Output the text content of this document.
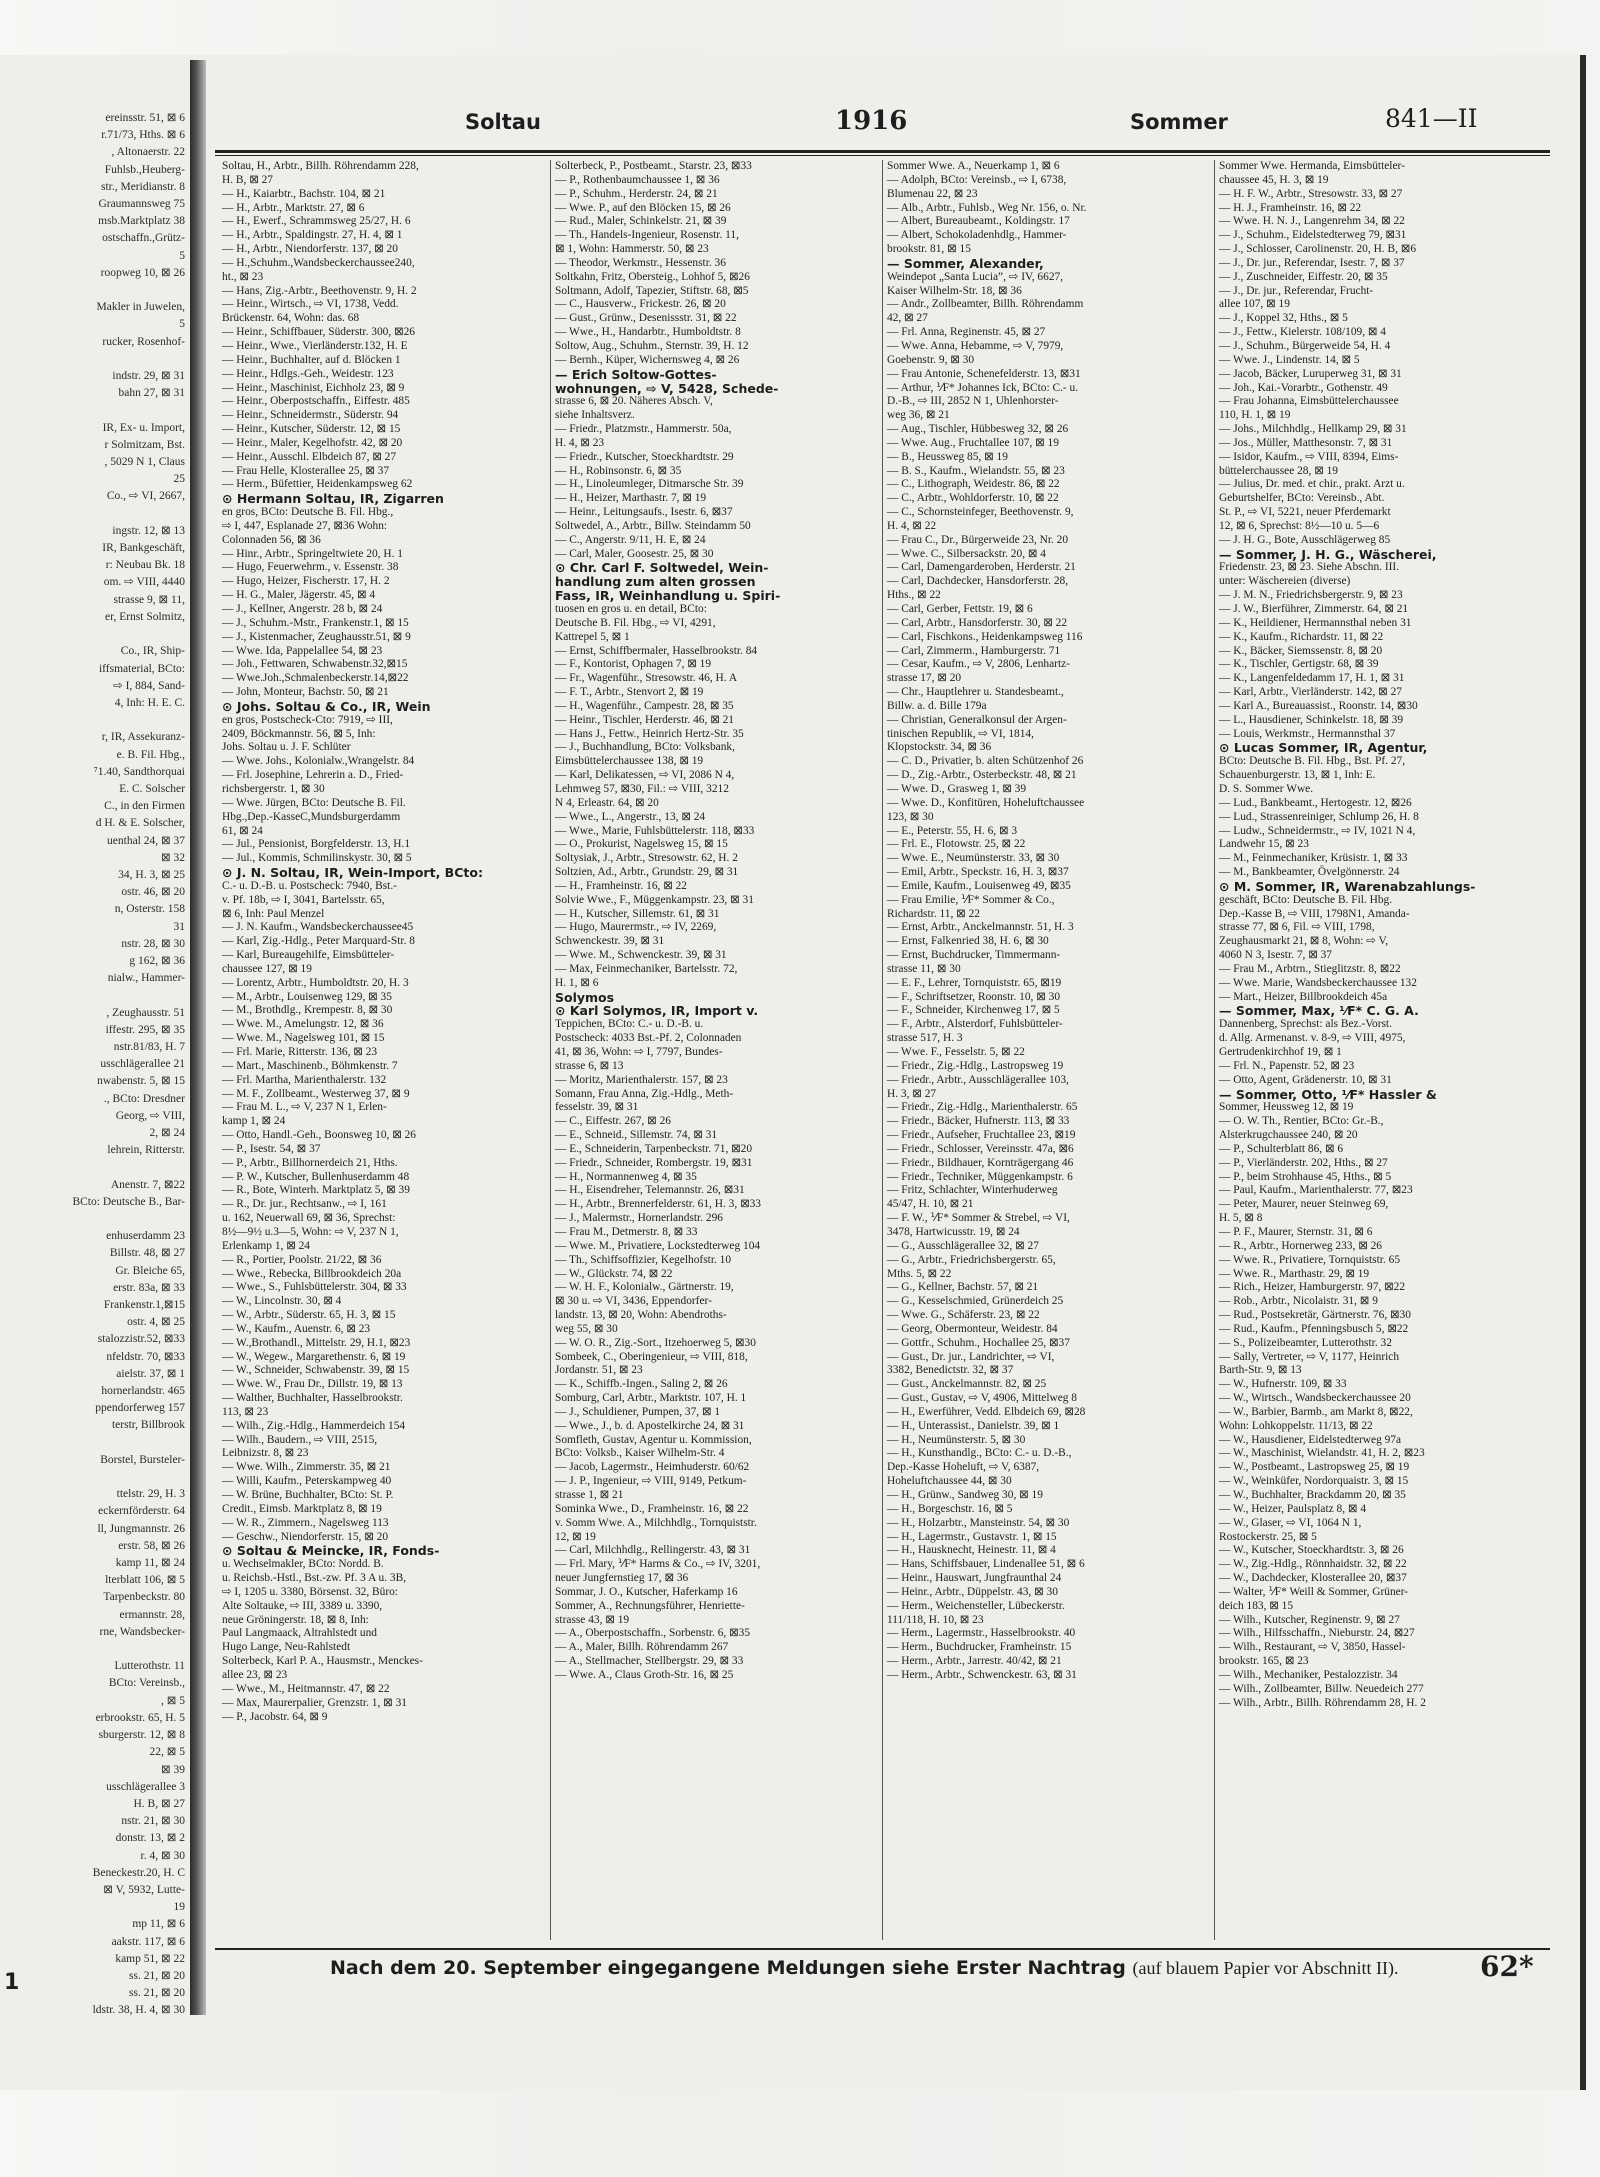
ereinsstr. 51, ⊠ 6
r.71/73, Hths. ⊠ 6
, Altonaerstr. 22
Fuhlsb.,Heuberg-
str., Meridianstr. 8
Graumannsweg 75
msb.Marktplatz 38
ostschaffn.,Grütz-
5
roopweg 10, ⊠ 26

Makler in Juwelen,
5
rucker, Rosenhof-

indstr. 29, ⊠ 31
bahn 27, ⊠ 31

IR, Ex- u. Import,
r Solmitzam, Bst.
, 5029 N 1, Claus
25
Co., ⇨ VI, 2667,

ingstr. 12, ⊠ 13
IR, Bankgeschäft,
r: Neubau Bk. 18
om. ⇨ VIII, 4440
strasse 9, ⊠ 11,
er, Ernst Solmitz,

Co., IR, Ship-
iffsmaterial, BCto:
⇨ I, 884, Sand-
4, Inh: H. E. C.

r, IR, Assekuranz-
e. B. Fil. Hbg.,
⁷1.40, Sandthorquai
E. C. Solscher
C., in den Firmen
d H. & E. Solscher,
uenthal 24, ⊠ 37
⊠ 32
34, H. 3, ⊠ 25
ostr. 46, ⊠ 20
n, Osterstr. 158
31
nstr. 28, ⊠ 30
g 162, ⊠ 36
nialw., Hammer-

, Zeughausstr. 51
iffestr. 295, ⊠ 35
nstr.81/83, H. 7
usschlägerallee 21
nwabenstr. 5, ⊠ 15
., BCto: Dresdner
Georg, ⇨ VIII,
2, ⊠ 24
lehrein, Ritterstr.

Anenstr. 7, ⊠22
BCto: Deutsche B., Bar-

enhuserdamm 23
Billstr. 48, ⊠ 27
Gr. Bleiche 65,
erstr. 83a, ⊠ 33
Frankenstr.1,⊠15
ostr. 4, ⊠ 25
stalozzistr.52, ⊠33
nfeldstr. 70, ⊠33
aielstr. 37, ⊠ 1
hornerlandstr. 465
ppendorferweg 157
terstr, Billbrook

Borstel, Bursteler-

ttelstr. 29, H. 3
eckernförderstr. 64
ll, Jungmannstr. 26
erstr. 58, ⊠ 26
kamp 11, ⊠ 24
lterblatt 106, ⊠ 5
Tarpenbeckstr. 80
ermannstr. 28,
rne, Wandsbecker-

Lutterothstr. 11
BCto: Vereinsb.,
, ⊠ 5
erbrookstr. 65, H. 5
sburgerstr. 12, ⊠ 8
22, ⊠ 5
⊠ 39
usschlägerallee 3
H. B, ⊠ 27
nstr. 21, ⊠ 30
donstr. 13, ⊠ 2
r. 4, ⊠ 30
Beneckestr.20, H. C
⊠ V, 5932, Lutte-
19
mp 11, ⊠ 6
aakstr. 117, ⊠ 6
kamp 51, ⊠ 22
ss. 21, ⊠ 20
ss. 21, ⊠ 20
ldstr. 38, H. 4, ⊠ 30
Soltau	1916	Sommer	841—II
Soltau, H., Arbtr., Billh. Röhrendamm 228,
H. B, ⊠ 27
— H., Kaiarbtr., Bachstr. 104, ⊠ 21
— H., Arbtr., Marktstr. 27, ⊠ 6
— H., Ewerf., Schrammsweg 25/27, H. 6
— H., Arbtr., Spaldingstr. 27, H. 4, ⊠ 1
— H., Arbtr., Niendorferstr. 137, ⊠ 20
— H.,Schuhm.,Wandsbeckerchaussee240,
ht., ⊠ 23
— Hans, Zig.-Arbtr., Beethovenstr. 9, H. 2
— Heinr., Wirtsch., ⇨ VI, 1738, Vedd.
Brückenstr. 64, Wohn: das. 68
— Heinr., Schiffbauer, Süderstr. 300, ⊠26
— Heinr., Wwe., Vierländerstr.132, H. E
— Heinr., Buchhalter, auf d. Blöcken 1
— Heinr., Hdlgs.-Geh., Weidestr. 123
— Heinr., Maschinist, Eichholz 23, ⊠ 9
— Heinr., Oberpostschaffn., Eiffestr. 485
— Heinr., Schneidermstr., Süderstr. 94
— Heinr., Kutscher, Süderstr. 12, ⊠ 15
— Heinr., Maler, Kegelhofstr. 42, ⊠ 20
— Heinr., Ausschl. Elbdeich 87, ⊠ 27
— Frau Helle, Klosterallee 25, ⊠ 37
— Herm., Büfettier, Heidenkampsweg 62
⊙ Hermann Soltau, IR, Zigarren
en gros, BCto: Deutsche B. Fil. Hbg.,
⇨ I, 447, Esplanade 27, ⊠36 Wohn:
Colonnaden 56, ⊠ 36
— Hinr., Arbtr., Springeltwiete 20, H. 1
— Hugo, Feuerwehrm., v. Essenstr. 38
— Hugo, Heizer, Fischerstr. 17, H. 2
— H. G., Maler, Jägerstr. 45, ⊠ 4
— J., Kellner, Angerstr. 28 b, ⊠ 24
— J., Schuhm.-Mstr., Frankenstr.1, ⊠ 15
— J., Kistenmacher, Zeughausstr.51, ⊠ 9
— Wwe. Ida, Pappelallee 54, ⊠ 23
— Joh., Fettwaren, Schwabenstr.32,⊠15
— Wwe.Joh.,Schmalenbeckerstr.14,⊠22
— John, Monteur, Bachstr. 50, ⊠ 21
⊙ Johs. Soltau & Co., IR, Wein
en gros, Postscheck-Cto: 7919, ⇨ III,
2409, Böckmannstr. 56, ⊠ 5, Inh:
Johs. Soltau u. J. F. Schlüter
— Wwe. Johs., Kolonialw.,Wrangelstr. 84
— Frl. Josephine, Lehrerin a. D., Fried-
richsbergerstr. 1, ⊠ 30
— Wwe. Jürgen, BCto: Deutsche B. Fil.
Hbg.,Dep.-KasseC,Mundsburgerdamm
61, ⊠ 24
— Jul., Pensionist, Borgfelderstr. 13, H.1
— Jul., Kommis, Schmilinskystr. 30, ⊠ 5
⊙ J. N. Soltau, IR, Wein-Import, BCto:
C.- u. D.-B. u. Postscheck: 7940, Bst.-
v. Pf. 18b, ⇨ I, 3041, Bartelsstr. 65,
⊠ 6, Inh: Paul Menzel
— J. N. Kaufm., Wandsbeckerchaussee45
— Karl, Zig.-Hdlg., Peter Marquard-Str. 8
— Karl, Bureaugehilfe, Eimsbütteler-
chaussee 127, ⊠ 19
— Lorentz, Arbtr., Humboldtstr. 20, H. 3
— M., Arbtr., Louisenweg 129, ⊠ 35
— M., Brothdlg., Krempestr. 8, ⊠ 30
— Wwe. M., Amelungstr. 12, ⊠ 36
— Wwe. M., Nagelsweg 101, ⊠ 15
— Frl. Marie, Ritterstr. 136, ⊠ 23
— Mart., Maschinenb., Böhmkenstr. 7
— Frl. Martha, Marienthalerstr. 132
— M. F., Zollbeamt., Westerweg 37, ⊠ 9
— Frau M. L., ⇨ V, 237 N 1, Erlen-
kamp 1, ⊠ 24
— Otto, Handl.-Geh., Boonsweg 10, ⊠ 26
— P., Isestr. 54, ⊠ 37
— P., Arbtr., Billhornerdeich 21, Hths.
— P. W., Kutscher, Bullenhuserdamm 48
— R., Bote, Winterh. Marktplatz 5, ⊠ 39
— R., Dr. jur., Rechtsanw., ⇨ I, 161
u. 162, Neuerwall 69, ⊠ 36, Sprechst:
8½—9½ u.3—5, Wohn: ⇨ V, 237 N 1,
Erlenkamp 1, ⊠ 24
— R., Portier, Poolstr. 21/22, ⊠ 36
— Wwe., Rebecka, Billbrookdeich 20a
— Wwe., S., Fuhlsbüttelerstr. 304, ⊠ 33
— W., Lincolnstr. 30, ⊠ 4
— W., Arbtr., Süderstr. 65, H. 3, ⊠ 15
— W., Kaufm., Auenstr. 6, ⊠ 23
— W.,Brothandl., Mittelstr. 29, H.1, ⊠23
— W., Wegew., Margarethenstr. 6, ⊠ 19
— W., Schneider, Schwabenstr. 39, ⊠ 15
— Wwe. W., Frau Dr., Dillstr. 19, ⊠ 13
— Walther, Buchhalter, Hasselbrookstr.
113, ⊠ 23
— Wilh., Zig.-Hdlg., Hammerdeich 154
— Wilh., Baudern., ⇨ VIII, 2515,
Leibnizstr. 8, ⊠ 23
— Wwe. Wilh., Zimmerstr. 35, ⊠ 21
— Willi, Kaufm., Peterskampweg 40
— W. Brüne, Buchhalter, BCto: St. P.
Credit., Eimsb. Marktplatz 8, ⊠ 19
— W. R., Zimmern., Nagelsweg 113
— Geschw., Niendorferstr. 15, ⊠ 20
⊙ Soltau & Meincke, IR, Fonds-
u. Wechselmakler, BCto: Nordd. B.
u. Reichsb.-Hstl., Bst.-zw. Pf. 3 A u. 3B,
⇨ I, 1205 u. 3380, Börsenst. 32, Büro:
Alte Soltauke, ⇨ III, 3389 u. 3390,
neue Gröningerstr. 18, ⊠ 8, Inh:
Paul Langmaack, Altrahlstedt und
Hugo Lange, Neu-Rahlstedt
Solterbeck, Karl P. A., Hausmstr., Menckes-
allee 23, ⊠ 23
— Wwe., M., Heitmannstr. 47, ⊠ 22
— Max, Maurerpalier, Grenzstr. 1, ⊠ 31
— P., Jacobstr. 64, ⊠ 9
Solterbeck, P., Postbeamt., Starstr. 23, ⊠33
— P., Rothenbaumchaussee 1, ⊠ 36
— P., Schuhm., Herderstr. 24, ⊠ 21
— Wwe. P., auf den Blöcken 15, ⊠ 26
— Rud., Maler, Schinkelstr. 21, ⊠ 39
— Th., Handels-Ingenieur, Rosenstr. 11,
⊠ 1, Wohn: Hammerstr. 50, ⊠ 23
— Theodor, Werkmstr., Hessenstr. 36
Soltkahn, Fritz, Obersteig., Lohhof 5, ⊠26
Soltmann, Adolf, Tapezier, Stiftstr. 68, ⊠5
— C., Hausverw., Frickestr. 26, ⊠ 20
— Gust., Grünw., Desenissstr. 31, ⊠ 22
— Wwe., H., Handarbtr., Humboldtstr. 8
Soltow, Aug., Schuhm., Sternstr. 39, H. 12
— Bernh., Küper, Wichernsweg 4, ⊠ 26
— Erich Soltow-Gottes-
wohnungen, ⇨ V, 5428, Schede-
strasse 6, ⊠ 20. Näheres Absch. V,
siehe Inhaltsverz.
— Friedr., Platzmstr., Hammerstr. 50a,
H. 4, ⊠ 23
— Friedr., Kutscher, Stoeckhardtstr. 29
— H., Robinsonstr. 6, ⊠ 35
— H., Linoleumleger, Ditmarsche Str. 39
— H., Heizer, Marthastr. 7, ⊠ 19
— Heinr., Leitungsaufs., Isestr. 6, ⊠37
Soltwedel, A., Arbtr., Billw. Steindamm 50
— C., Angerstr. 9/11, H. E, ⊠ 24
— Carl, Maler, Goosestr. 25, ⊠ 30
⊙ Chr. Carl F. Soltwedel, Wein-
handlung zum alten grossen
Fass, IR, Weinhandlung u. Spiri-
tuosen en gros u. en detail, BCto:
Deutsche B. Fil. Hbg., ⇨ VI, 4291,
Kattrepel 5, ⊠ 1
— Ernst, Schiffbermaler, Hasselbrookstr. 84
— F., Kontorist, Ophagen 7, ⊠ 19
— Fr., Wagenführ., Stresowstr. 46, H. A
— F. T., Arbtr., Stenvort 2, ⊠ 19
— H., Wagenführ., Campestr. 28, ⊠ 35
— Heinr., Tischler, Herderstr. 46, ⊠ 21
— Hans J., Fettw., Heinrich Hertz-Str. 35
— J., Buchhandlung, BCto: Volksbank,
Eimsbüttelerchaussee 138, ⊠ 19
— Karl, Delikatessen, ⇨ VI, 2086 N 4,
Lehmweg 57, ⊠30, Fil.: ⇨ VIII, 3212
N 4, Erleastr. 64, ⊠ 20
— Wwe., L., Angerstr., 13, ⊠ 24
— Wwe., Marie, Fuhlsbüttelerstr. 118, ⊠33
— O., Prokurist, Nagelsweg 15, ⊠ 15
Soltysiak, J., Arbtr., Stresowstr. 62, H. 2
Soltzien, Ad., Arbtr., Grundstr. 29, ⊠ 31
— H., Framheinstr. 16, ⊠ 22
Solvie Wwe., F., Müggenkampstr. 23, ⊠ 31
— H., Kutscher, Sillemstr. 61, ⊠ 31
— Hugo, Maurermstr., ⇨ IV, 2269,
Schwenckestr. 39, ⊠ 31
— Wwe. M., Schwenckestr. 39, ⊠ 31
— Max, Feinmechaniker, Bartelsstr. 72,
H. 1, ⊠ 6
Solymos
⊙ Karl Solymos, IR, Import v.
Teppichen, BCto: C.- u. D.-B. u.
Postscheck: 4033 Bst.-Pf. 2, Colonnaden
41, ⊠ 36, Wohn: ⇨ I, 7797, Bundes-
strasse 6, ⊠ 13
— Moritz, Marienthalerstr. 157, ⊠ 23
Somann, Frau Anna, Zig.-Hdlg., Meth-
fesselstr. 39, ⊠ 31
— C., Eiffestr. 267, ⊠ 26
— E., Schneid., Sillemstr. 74, ⊠ 31
— E., Schneiderin, Tarpenbeckstr. 71, ⊠20
— Friedr., Schneider, Rombergstr. 19, ⊠31
— H., Normannenweg 4, ⊠ 35
— H., Eisendreher, Telemannstr. 26, ⊠31
— H., Arbtr., Brennerfelderstr. 61, H. 3, ⊠33
— J., Malermstr., Hornerlandstr. 296
— Frau M., Detmerstr. 8, ⊠ 33
— Wwe. M., Privatiere, Lockstedterweg 104
— Th., Schiffsoffizier, Kegelhofstr. 10
— W., Glückstr. 74, ⊠ 22
— W. H. F., Kolonialw., Gärtnerstr. 19,
⊠ 30 u. ⇨ VI, 3436, Eppendorfer-
landstr. 13, ⊠ 20, Wohn: Abendroths-
weg 55, ⊠ 30
— W. O. R., Zig.-Sort., Itzehoerweg 5, ⊠30
Sombeek, C., Oberingenieur, ⇨ VIII, 818,
Jordanstr. 51, ⊠ 23
— K., Schiffb.-Ingen., Saling 2, ⊠ 26
Somburg, Carl, Arbtr., Marktstr. 107, H. 1
— J., Schuldiener, Pumpen, 37, ⊠ 1
— Wwe., J., b. d. Apostelkirche 24, ⊠ 31
Somfleth, Gustav, Agentur u. Kommission,
BCto: Volksb., Kaiser Wilhelm-Str. 4
— Jacob, Lagermstr., Heimhuderstr. 60/62
— J. P., Ingenieur, ⇨ VIII, 9149, Petkum-
strasse 1, ⊠ 21
Sominka Wwe., D., Framheinstr. 16, ⊠ 22
v. Somm Wwe. A., Milchhdlg., Tornquiststr.
12, ⊠ 19
— Carl, Milchhdlg., Rellingerstr. 43, ⊠ 31
— Frl. Mary, ⅟F* Harms & Co., ⇨ IV, 3201,
neuer Jungfernstieg 17, ⊠ 36
Sommar, J. O., Kutscher, Haferkamp 16
Sommer, A., Rechnungsführer, Henriette-
strasse 43, ⊠ 19
— A., Oberpostschaffn., Sorbenstr. 6, ⊠35
— A., Maler, Billh. Röhrendamm 267
— A., Stellmacher, Stellbergstr. 29, ⊠ 33
— Wwe. A., Claus Groth-Str. 16, ⊠ 25
Sommer Wwe. A., Neuerkamp 1, ⊠ 6
— Adolph, BCto: Vereinsb., ⇨ I, 6738,
Blumenau 22, ⊠ 23
— Alb., Arbtr., Fuhlsb., Weg Nr. 156, o. Nr.
— Albert, Bureaubeamt., Koldingstr. 17
— Albert, Schokoladenhdlg., Hammer-
brookstr. 81, ⊠ 15
— Sommer, Alexander,
Weindepot „Santa Lucia”, ⇨ IV, 6627,
Kaiser Wilhelm-Str. 18, ⊠ 36
— Andr., Zollbeamter, Billh. Röhrendamm
42, ⊠ 27
— Frl. Anna, Reginenstr. 45, ⊠ 27
— Wwe. Anna, Hebamme, ⇨ V, 7979,
Goebenstr. 9, ⊠ 30
— Frau Antonie, Schenefelderstr. 13, ⊠31
— Arthur, ⅟F* Johannes Ick, BCto: C.- u.
D.-B., ⇨ III, 2852 N 1, Uhlenhorster-
weg 36, ⊠ 21
— Aug., Tischler, Hübbesweg 32, ⊠ 26
— Wwe. Aug., Fruchtallee 107, ⊠ 19
— B., Heussweg 85, ⊠ 19
— B. S., Kaufm., Wielandstr. 55, ⊠ 23
— C., Lithograph, Weidestr. 86, ⊠ 22
— C., Arbtr., Wohldorferstr. 10, ⊠ 22
— C., Schornsteinfeger, Beethovenstr. 9,
H. 4, ⊠ 22
— Frau C., Dr., Bürgerweide 23, Nr. 20
— Wwe. C., Silbersackstr. 20, ⊠ 4
— Carl, Damengarderoben, Herderstr. 21
— Carl, Dachdecker, Hansdorferstr. 28,
Hths., ⊠ 22
— Carl, Gerber, Fettstr. 19, ⊠ 6
— Carl, Arbtr., Hansdorferstr. 30, ⊠ 22
— Carl, Fischkons., Heidenkampsweg 116
— Carl, Zimmerm., Hamburgerstr. 71
— Cesar, Kaufm., ⇨ V, 2806, Lenhartz-
strasse 17, ⊠ 20
— Chr., Hauptlehrer u. Standesbeamt.,
Billw. a. d. Bille 179a
— Christian, Generalkonsul der Argen-
tinischen Republik, ⇨ VI, 1814,
Klopstockstr. 34, ⊠ 36
— C. D., Privatier, b. alten Schützenhof 26
— D., Zig.-Arbtr., Osterbeckstr. 48, ⊠ 21
— Wwe. D., Grasweg 1, ⊠ 39
— Wwe. D., Konfitüren, Hoheluftchaussee
123, ⊠ 30
— E., Peterstr. 55, H. 6, ⊠ 3
— Frl. E., Flotowstr. 25, ⊠ 22
— Wwe. E., Neumünsterstr. 33, ⊠ 30
— Emil, Arbtr., Speckstr. 16, H. 3, ⊠37
— Emile, Kaufm., Louisenweg 49, ⊠35
— Frau Emilie, ⅟F* Sommer & Co.,
Richardstr. 11, ⊠ 22
— Ernst, Arbtr., Anckelmannstr. 51, H. 3
— Ernst, Falkenried 38, H. 6, ⊠ 30
— Ernst, Buchdrucker, Timmermann-
strasse 11, ⊠ 30
— E. F., Lehrer, Tornquiststr. 65, ⊠19
— F., Schriftsetzer, Roonstr. 10, ⊠ 30
— F., Schneider, Kirchenweg 17, ⊠ 5
— F., Arbtr., Alsterdorf, Fuhlsbütteler-
strasse 517, H. 3
— Wwe. F., Fesselstr. 5, ⊠ 22
— Friedr., Zig.-Hdlg., Lastropsweg 19
— Friedr., Arbtr., Ausschlägerallee 103,
H. 3, ⊠ 27
— Friedr., Zig.-Hdlg., Marienthalerstr. 65
— Friedr., Bäcker, Hufnerstr. 113, ⊠ 33
— Friedr., Aufseher, Fruchtallee 23, ⊠19
— Friedr., Schlosser, Vereinsstr. 47a, ⊠6
— Friedr., Bildhauer, Kornträgergang 46
— Friedr., Techniker, Müggenkampstr. 6
— Fritz, Schlachter, Winterhuderweg
45/47, H. 10, ⊠ 21
— F. W., ⅟F* Sommer & Strebel, ⇨ VI,
3478, Hartwicusstr. 19, ⊠ 24
— G., Ausschlägerallee 32, ⊠ 27
— G., Arbtr., Friedrichsbergerstr. 65,
Mths. 5, ⊠ 22
— G., Kellner, Bachstr. 57, ⊠ 21
— G., Kesselschmied, Grünerdeich 25
— Wwe. G., Schäferstr. 23, ⊠ 22
— Georg, Obermonteur, Weidestr. 84
— Gottfr., Schuhm., Hochallee 25, ⊠37
— Gust., Dr. jur., Landrichter, ⇨ VI,
3382, Benedictstr. 32, ⊠ 37
— Gust., Anckelmannstr. 82, ⊠ 25
— Gust., Gustav, ⇨ V, 4906, Mittelweg 8
— H., Ewerführer, Vedd. Elbdeich 69, ⊠28
— H., Unterassist., Danielstr. 39, ⊠ 1
— H., Neumünsterstr. 5, ⊠ 30
— H., Kunsthandlg., BCto: C.- u. D.-B.,
Dep.-Kasse Hoheluft, ⇨ V, 6387,
Hoheluftchaussee 44, ⊠ 30
— H., Grünw., Sandweg 30, ⊠ 19
— H., Borgeschstr. 16, ⊠ 5
— H., Holzarbtr., Mansteinstr. 54, ⊠ 30
— H., Lagermstr., Gustavstr. 1, ⊠ 15
— H., Hausknecht, Heinestr. 11, ⊠ 4
— Hans, Schiffsbauer, Lindenallee 51, ⊠ 6
— Heinr., Hauswart, Jungfraunthal 24
— Heinr., Arbtr., Düppelstr. 43, ⊠ 30
— Herm., Weichensteller, Lübeckerstr.
111/118, H. 10, ⊠ 23
— Herm., Lagermstr., Hasselbrookstr. 40
— Herm., Buchdrucker, Framheinstr. 15
— Herm., Arbtr., Jarrestr. 40/42, ⊠ 21
— Herm., Arbtr., Schwenckestr. 63, ⊠ 31
Sommer Wwe. Hermanda, Eimsbütteler-
chaussee 45, H. 3, ⊠ 19
— H. F. W., Arbtr., Stresowstr. 33, ⊠ 27
— H. J., Framheinstr. 16, ⊠ 22
— Wwe. H. N. J., Langenrehm 34, ⊠ 22
— J., Schuhm., Eidelstedterweg 79, ⊠31
— J., Schlosser, Carolinenstr. 20, H. B, ⊠6
— J., Dr. jur., Referendar, Isestr. 7, ⊠ 37
— J., Zuschneider, Eiffestr. 20, ⊠ 35
— J., Dr. jur., Referendar, Frucht-
allee 107, ⊠ 19
— J., Koppel 32, Hths., ⊠ 5
— J., Fettw., Kielerstr. 108/109, ⊠ 4
— J., Schuhm., Bürgerweide 54, H. 4
— Wwe. J., Lindenstr. 14, ⊠ 5
— Jacob, Bäcker, Luruperweg 31, ⊠ 31
— Joh., Kai.-Vorarbtr., Gothenstr. 49
— Frau Johanna, Eimsbüttelerchaussee
110, H. 1, ⊠ 19
— Johs., Milchhdlg., Hellkamp 29, ⊠ 31
— Jos., Müller, Matthesonstr. 7, ⊠ 31
— Isidor, Kaufm., ⇨ VIII, 8394, Eims-
büttelerchaussee 28, ⊠ 19
— Julius, Dr. med. et chir., prakt. Arzt u.
Geburtshelfer, BCto: Vereinsb., Abt.
St. P., ⇨ VI, 5221, neuer Pferdemarkt
12, ⊠ 6, Sprechst: 8½—10 u. 5—6
— J. H. G., Bote, Ausschlägerweg 85
— Sommer, J. H. G., Wäscherei,
Friedenstr. 23, ⊠ 23. Siehe Abschn. III.
unter: Wäschereien (diverse)
— J. M. N., Friedrichsbergerstr. 9, ⊠ 23
— J. W., Bierführer, Zimmerstr. 64, ⊠ 21
— K., Heildiener, Hermannsthal neben 31
— K., Kaufm., Richardstr. 11, ⊠ 22
— K., Bäcker, Siemssenstr. 8, ⊠ 20
— K., Tischler, Gertigstr. 68, ⊠ 39
— K., Langenfeldedamm 17, H. 1, ⊠ 31
— Karl, Arbtr., Vierländerstr. 142, ⊠ 27
— Karl A., Bureauassist., Roonstr. 14, ⊠30
— L., Hausdiener, Schinkelstr. 18, ⊠ 39
— Louis, Werkmstr., Hermannsthal 37
⊙ Lucas Sommer, IR, Agentur,
BCto: Deutsche B. Fil. Hbg., Bst. Pf. 27,
Schauenburgerstr. 13, ⊠ 1, Inh: E.
D. S. Sommer Wwe.
— Lud., Bankbeamt., Hertogestr. 12, ⊠26
— Lud., Strassenreiniger, Schlump 26, H. 8
— Ludw., Schneidermstr., ⇨ IV, 1021 N 4,
Landwehr 15, ⊠ 23
— M., Feinmechaniker, Krüsistr. 1, ⊠ 33
— M., Bankbeamter, Övelgönnerstr. 24
⊙ M. Sommer, IR, Warenabzahlungs-
geschäft, BCto: Deutsche B. Fil. Hbg.
Dep.-Kasse B, ⇨ VIII, 1798N1, Amanda-
strasse 77, ⊠ 6, Fil. ⇨ VIII, 1798,
Zeughausmarkt 21, ⊠ 8, Wohn: ⇨ V,
4060 N 3, Isestr. 7, ⊠ 37
— Frau M., Arbtrn., Stieglitzstr. 8, ⊠22
— Wwe. Marie, Wandsbeckerchaussee 132
— Mart., Heizer, Billbrookdeich 45a
— Sommer, Max, ⅟F* C. G. A.
Dannenberg, Sprechst: als Bez.-Vorst.
d. Allg. Armenanst. v. 8-9, ⇨ VIII, 4975,
Gertrudenkirchhof 19, ⊠ 1
— Frl. N., Papenstr. 52, ⊠ 23
— Otto, Agent, Grädenerstr. 10, ⊠ 31
— Sommer, Otto, ⅟F* Hassler &
Sommer, Heussweg 12, ⊠ 19
— O. W. Th., Rentier, BCto: Gr.-B.,
Alsterkrugchaussee 240, ⊠ 20
— P., Schulterblatt 86, ⊠ 6
— P., Vierländerstr. 202, Hths., ⊠ 27
— P., beim Strohhause 45, Hths., ⊠ 5
— Paul, Kaufm., Marienthalerstr. 77, ⊠23
— Peter, Maurer, neuer Steinweg 69,
H. 5, ⊠ 8
— P. F., Maurer, Sternstr. 31, ⊠ 6
— R., Arbtr., Hornerweg 233, ⊠ 26
— Wwe. R., Privatiere, Tornquiststr. 65
— Wwe. R., Marthastr. 29, ⊠ 19
— Rich., Heizer, Hamburgerstr. 97, ⊠22
— Rob., Arbtr., Nicolaistr. 31, ⊠ 9
— Rud., Postsekretär, Gärtnerstr. 76, ⊠30
— Rud., Kaufm., Pfenningsbusch 5, ⊠22
— S., Polizeibeamter, Lutterothstr. 32
— Sally, Vertreter, ⇨ V, 1177, Heinrich
Barth-Str. 9, ⊠ 13
— W., Hufnerstr. 109, ⊠ 33
— W., Wirtsch., Wandsbeckerchaussee 20
— W., Barbier, Barmb., am Markt 8, ⊠22,
Wohn: Lohkoppelstr. 11/13, ⊠ 22
— W., Hausdiener, Eidelstedterweg 97a
— W., Maschinist, Wielandstr. 41, H. 2, ⊠23
— W., Postbeamt., Lastropsweg 25, ⊠ 19
— W., Weinküfer, Nordorquaistr. 3, ⊠ 15
— W., Buchhalter, Brackdamm 20, ⊠ 35
— W., Heizer, Paulsplatz 8, ⊠ 4
— W., Glaser, ⇨ VI, 1064 N 1,
Rostockerstr. 25, ⊠ 5
— W., Kutscher, Stoeckhardtstr. 3, ⊠ 26
— W., Zig.-Hdlg., Rönnhaidstr. 32, ⊠ 22
— W., Dachdecker, Klosterallee 20, ⊠37
— Walter, ⅟F* Weill & Sommer, Grüner-
deich 183, ⊠ 15
— Wilh., Kutscher, Reginenstr. 9, ⊠ 27
— Wilh., Hilfsschaffn., Nieburstr. 24, ⊠27
— Wilh., Restaurant, ⇨ V, 3850, Hassel-
brookstr. 165, ⊠ 23
— Wilh., Mechaniker, Pestalozzistr. 34
— Wilh., Zollbeamter, Billw. Neuedeich 277
— Wilh., Arbtr., Billh. Röhrendamm 28, H. 2
Nach dem 20. September eingegangene Meldungen siehe Erster Nachtrag (auf blauem Papier vor Abschnitt II).	62*
1
